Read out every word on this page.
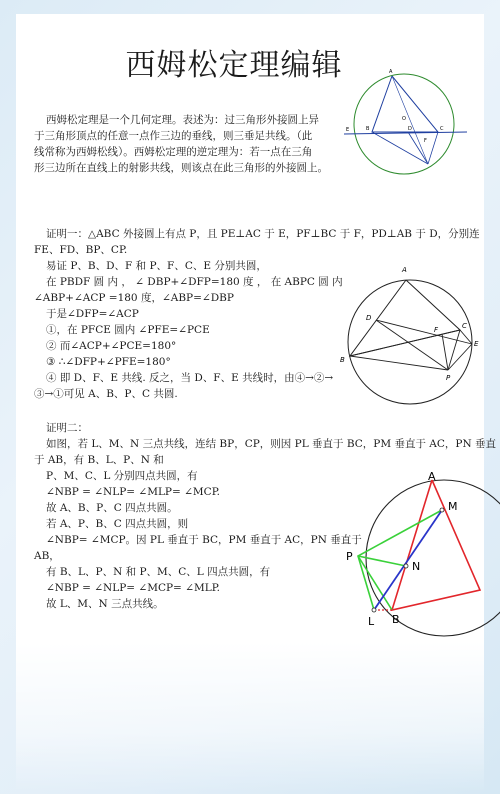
西姆松定理编辑
西姆松定理是一个几何定理。表述为：过三角形外接圆上异
于三角形顶点的任意一点作三边的垂线，则三垂足共线。（此
线常称为西姆松线）。西姆松定理的逆定理为：若一点在三角
形三边所在直线上的射影共线，则该点在此三角形的外接圆上。
A
O
B	C
D
E
F
证明一：△ABC 外接圆上有点 P，且 PE⊥AC 于 E，PF⊥BC 于 F，PD⊥AB 于 D，分别连
FE、FD、BP、CP.
易证 P、B、D、F 和 P、F、C、E 分别共圆，
在 PBDF 圆 内 ， ∠ DBP+∠DFP=180 度 ， 在 ABPC 圆 内
∠ABP+∠ACP =180 度，∠ABP=∠DBP
于是∠DFP=∠ACP
①，在 PFCE 圆内 ∠PFE=∠PCE
② 而∠ACP+∠PCE=180°
③ ∴∠DFP+∠PFE=180°
④ 即 D、F、E 共线. 反之，当 D、F、E 共线时，由④→②→
③→①可见 A、B、P、C 共圆.
A
D
F	C
E
B
P
证明二：
如图，若 L、M、N 三点共线，连结 BP，CP，则因 PL 垂直于 BC，PM 垂直于 AC，PN 垂直
于 AB，有 B、L、P、N 和
P、M、C、L 分别四点共圆，有
∠NBP = ∠NLP= ∠MLP= ∠MCP.
故 A、B、P、C 四点共圆。
若 A、P、B、C 四点共圆，则
∠NBP= ∠MCP。因 PL 垂直于 BC，PM 垂直于 AC，PN 垂直于
AB，
有 B、L、P、N 和 P、M、C、L 四点共圆，有
∠NBP = ∠NLP= ∠MCP= ∠MLP.
故 L、M、N 三点共线。
A
M
P
N
L B
